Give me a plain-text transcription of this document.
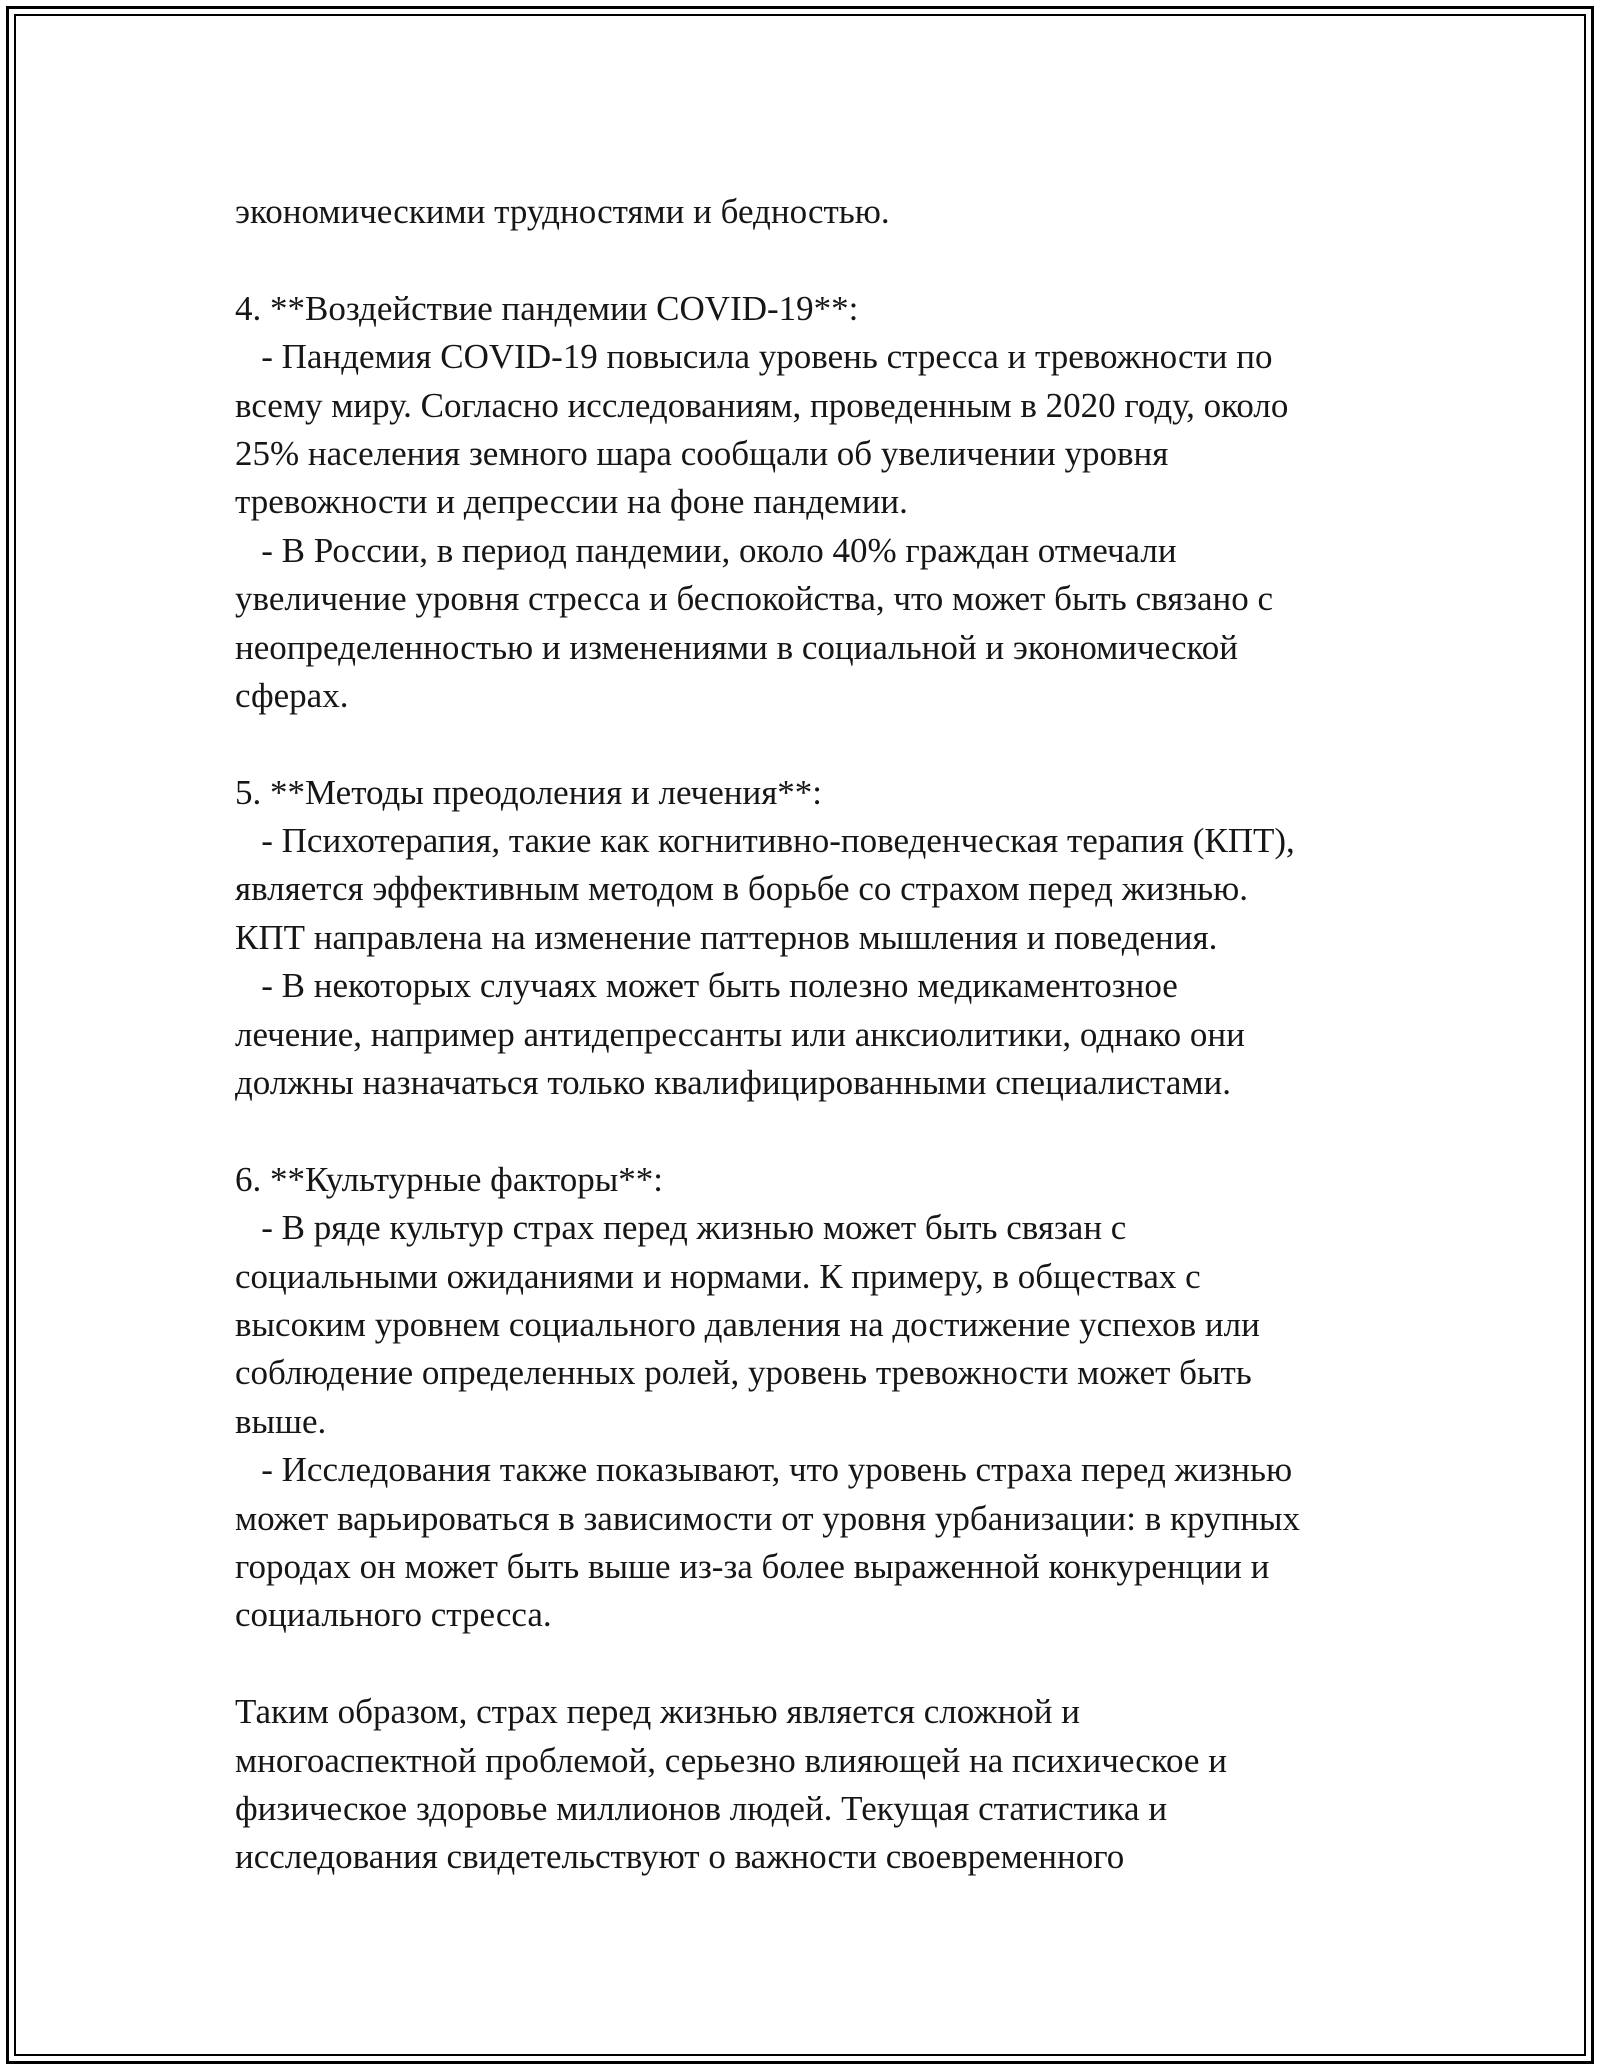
экономическими трудностями и бедностью.
4. **Воздействие пандемии COVID-19**:
- Пандемия COVID-19 повысила уровень стресса и тревожности по
всему миру. Согласно исследованиям, проведенным в 2020 году, около
25% населения земного шара сообщали об увеличении уровня
тревожности и депрессии на фоне пандемии.
- В России, в период пандемии, около 40% граждан отмечали
увеличение уровня стресса и беспокойства, что может быть связано с
неопределенностью и изменениями в социальной и экономической
сферах.
5. **Методы преодоления и лечения**:
- Психотерапия, такие как когнитивно-поведенческая терапия (КПТ),
является эффективным методом в борьбе со страхом перед жизнью.
КПТ направлена на изменение паттернов мышления и поведения.
- В некоторых случаях может быть полезно медикаментозное
лечение, например антидепрессанты или анксиолитики, однако они
должны назначаться только квалифицированными специалистами.
6. **Культурные факторы**:
- В ряде культур страх перед жизнью может быть связан с
социальными ожиданиями и нормами. К примеру, в обществах с
высоким уровнем социального давления на достижение успехов или
соблюдение определенных ролей, уровень тревожности может быть
выше.
- Исследования также показывают, что уровень страха перед жизнью
может варьироваться в зависимости от уровня урбанизации: в крупных
городах он может быть выше из-за более выраженной конкуренции и
социального стресса.
Таким образом, страх перед жизнью является сложной и
многоаспектной проблемой, серьезно влияющей на психическое и
физическое здоровье миллионов людей. Текущая статистика и
исследования свидетельствуют о важности своевременного
